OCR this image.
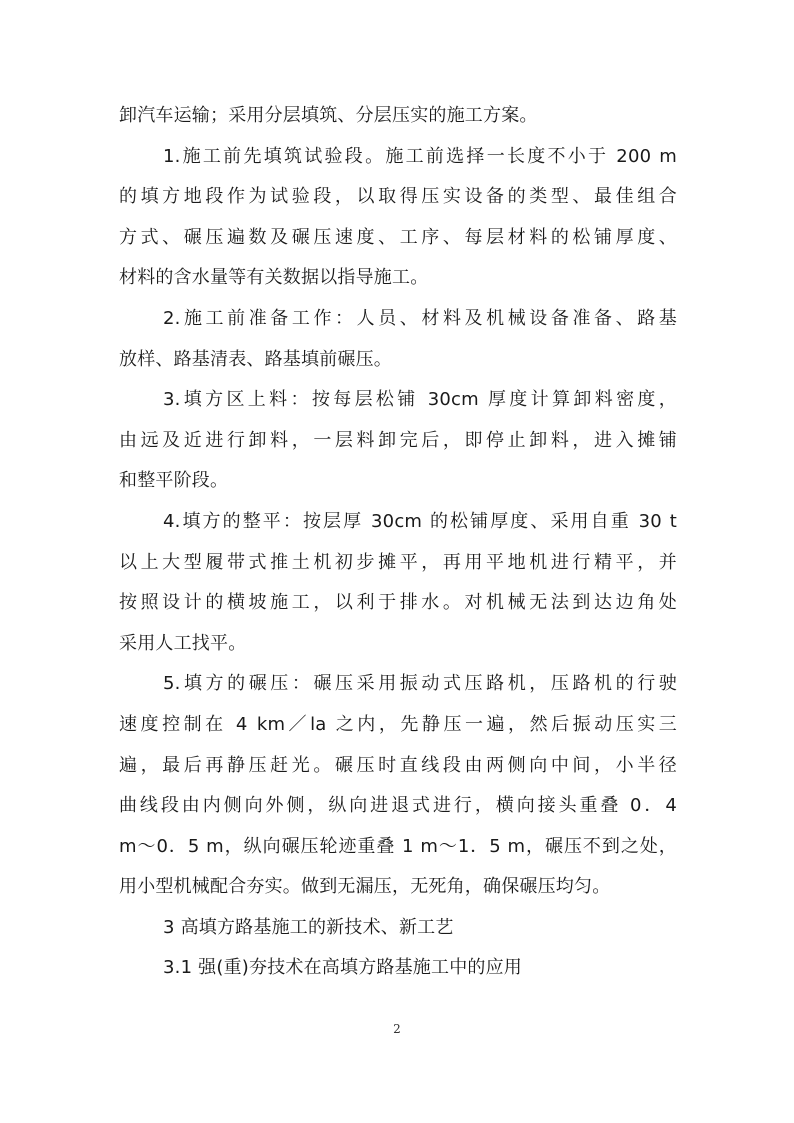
卸汽车运输；采用分层填筑、分层压实的施工方案。
1.施工前先填筑试验段。施工前选择一长度不小于 200 m
的填方地段作为试验段，以取得压实设备的类型、最佳组合
方式、碾压遍数及碾压速度、工序、每层材料的松铺厚度、
材料的含水量等有关数据以指导施工。
2.施工前准备工作：人员、材料及机械设备准备、路基
放样、路基清表、路基填前碾压。
3.填方区上料：按每层松铺 30cm 厚度计算卸料密度，
由远及近进行卸料，一层料卸完后，即停止卸料，进入摊铺
和整平阶段。
4.填方的整平：按层厚 30cm 的松铺厚度、采用自重 30 t
以上大型履带式推土机初步摊平，再用平地机进行精平，并
按照设计的横坡施工，以利于排水。对机械无法到达边角处
采用人工找平。
5.填方的碾压：碾压采用振动式压路机，压路机的行驶
速度控制在 4 km／la 之内，先静压一遍，然后振动压实三
遍，最后再静压赶光。碾压时直线段由两侧向中间，小半径
曲线段由内侧向外侧，纵向进退式进行，横向接头重叠 0．4
m～0．5 m，纵向碾压轮迹重叠 1 m～1．5 m，碾压不到之处，
用小型机械配合夯实。做到无漏压，无死角，确保碾压均匀。
3 高填方路基施工的新技术、新工艺
3.1 强(重)夯技术在高填方路基施工中的应用
2
